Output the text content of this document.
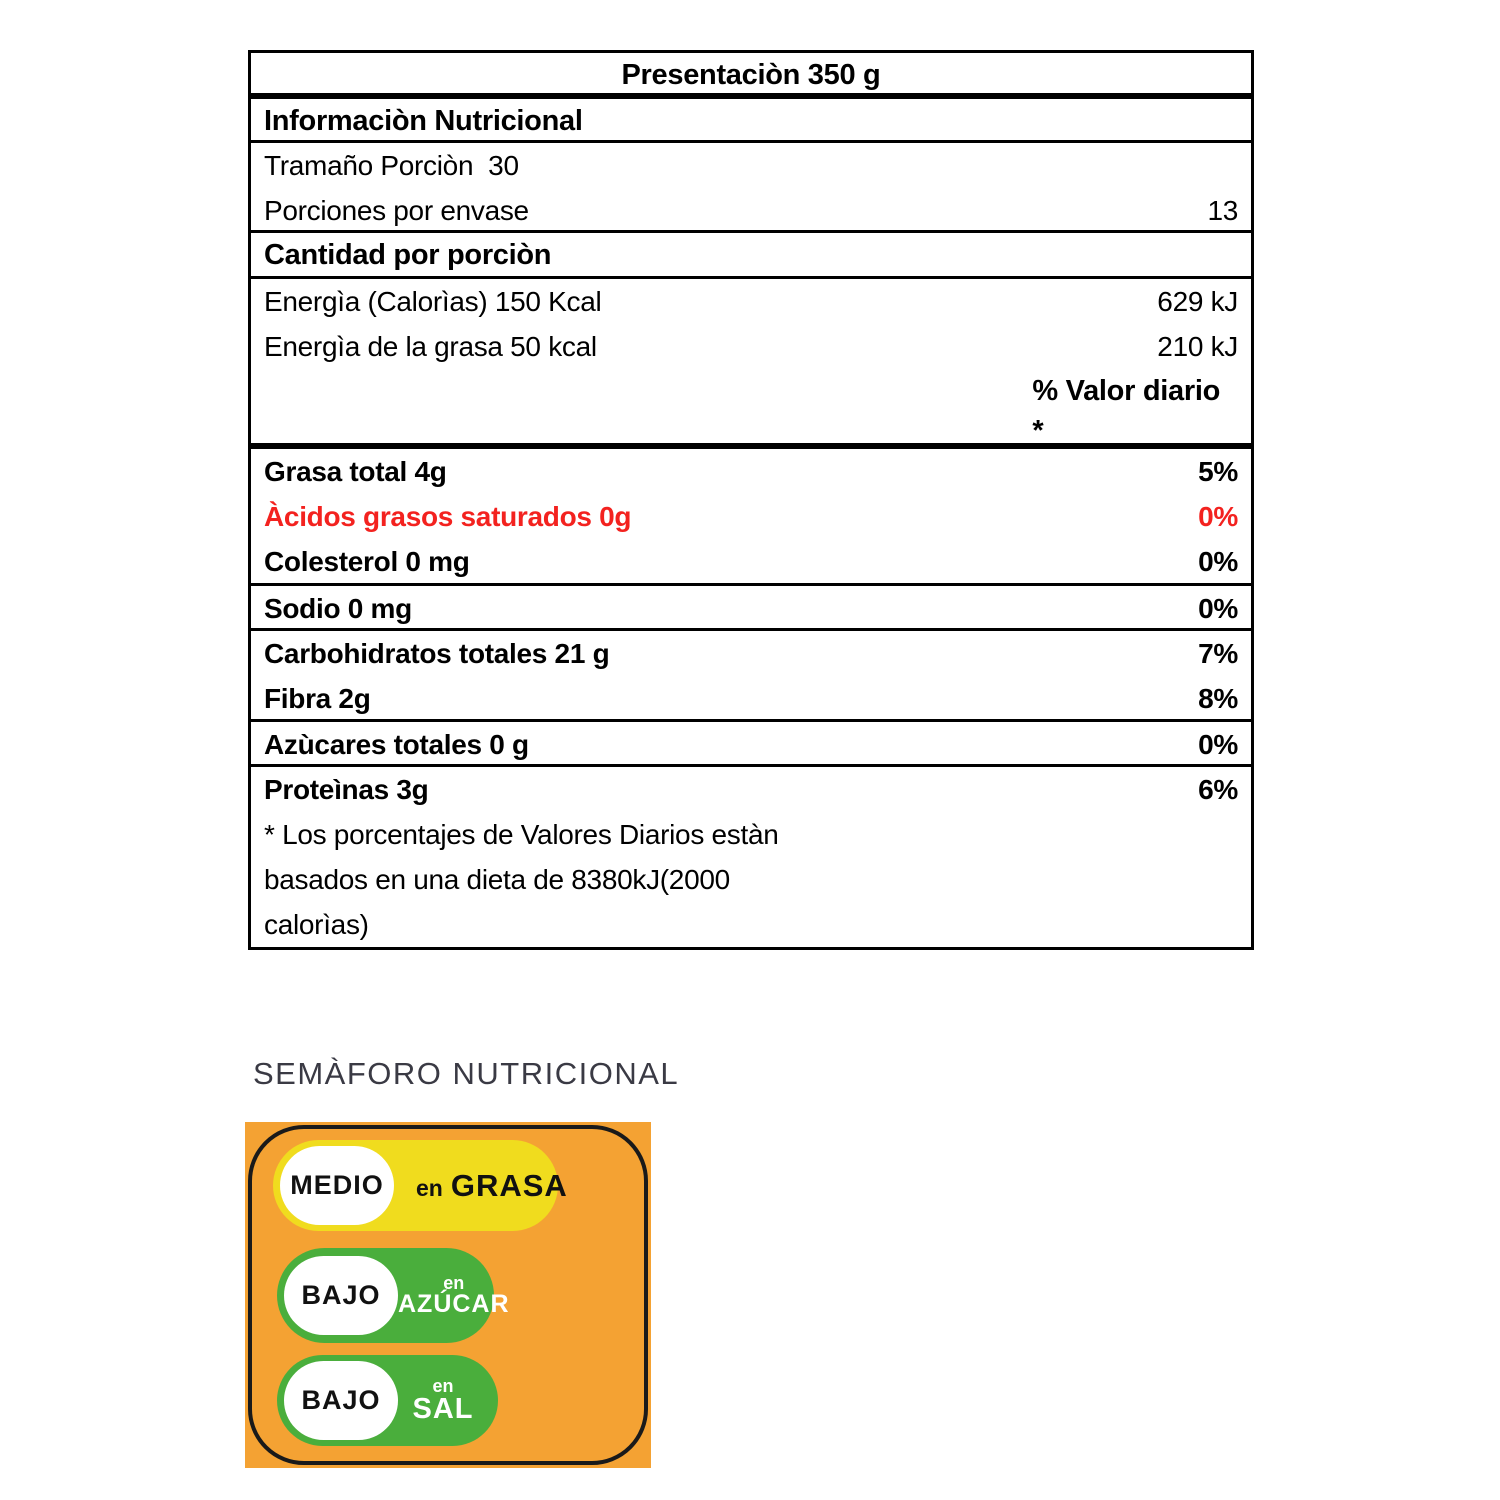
Presentaciòn 350 g
Informaciòn Nutricional
Tramaño Porciòn  30
Porciones por envase	13
Cantidad por porciòn
Energìa (Calorìas) 150 Kcal	629 kJ
Energìa de la grasa 50 kcal	210 kJ
% Valor diario
*
Grasa total 4g	5%
Àcidos grasos saturados 0g	0%
Colesterol 0 mg	0%
Sodio 0 mg	0%
Carbohidratos totales 21 g	7%
Fibra 2g	8%
Azùcares totales 0 g	0%
Proteìnas 3g	6%
* Los porcentajes de Valores Diarios estàn
basados en una dieta de 8380kJ(2000
calorìas)
SEMÀFORO NUTRICIONAL
MEDIO en GRASA
BAJO	en
AZÚCAR
BAJO	en
SAL
